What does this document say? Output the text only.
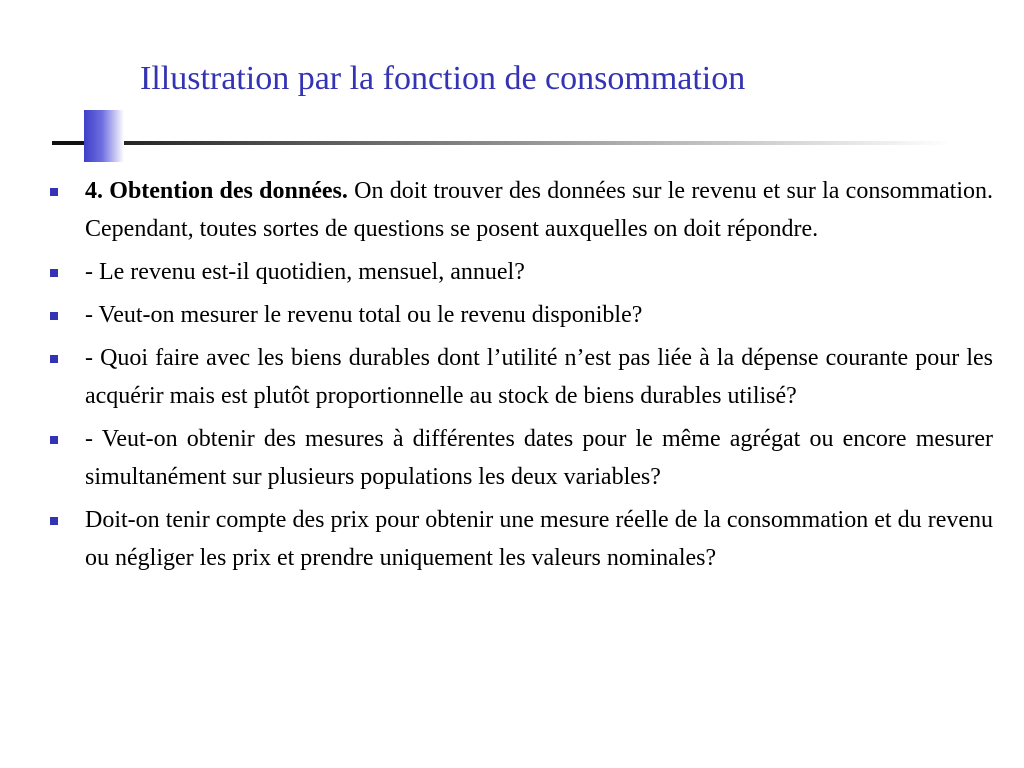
Illustration par la fonction de consommation
4. Obtention des données. On doit trouver des données sur le revenu et sur la consommation. Cependant, toutes sortes de questions se posent auxquelles on doit répondre.
- Le revenu est-il quotidien, mensuel, annuel?
- Veut-on mesurer le revenu total ou le revenu disponible?
- Quoi faire avec les biens durables dont l’utilité n’est pas liée à la dépense courante pour les acquérir mais est plutôt proportionnelle au stock de biens durables utilisé?
- Veut-on obtenir des mesures à différentes dates pour le même agrégat ou encore mesurer simultanément sur plusieurs populations les deux variables?
Doit-on tenir compte des prix pour obtenir une mesure réelle de la consommation et du revenu ou négliger les prix et prendre uniquement les valeurs nominales?
